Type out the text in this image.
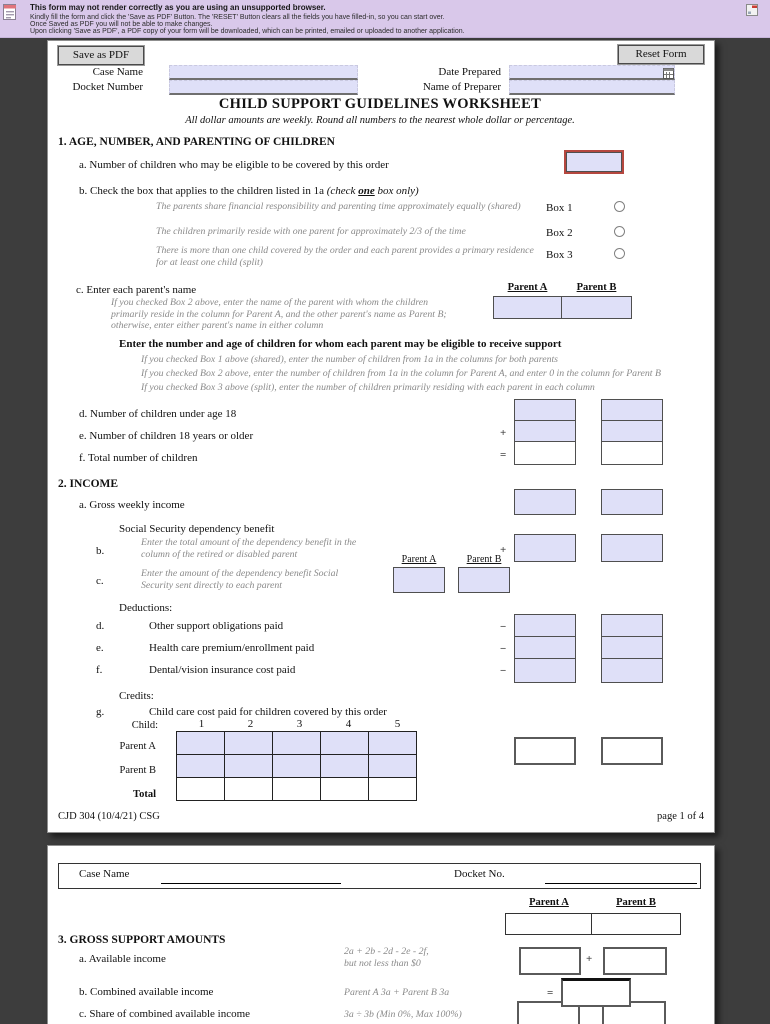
This form may not render correctly as you are using an unsupported browser.
Kindly fill the form and click the 'Save as PDF' Button. The 'RESET' Button clears all the fields you have filled-in, so you can start over.
Once Saved as PDF you will not be able to make changes.
Upon clicking 'Save as PDF', a PDF copy of your form will be downloaded, which can be printed, emailed or uploaded to another application.
Save as PDF	Reset Form
Case Name	Date Prepared
Docket Number	Name of Preparer
CHILD SUPPORT GUIDELINES WORKSHEET
All dollar amounts are weekly. Round all numbers to the nearest whole dollar or percentage.
1. AGE, NUMBER, AND PARENTING OF CHILDREN
a. Number of children who may be eligible to be covered by this order
b. Check the box that applies to the children listed in 1a (check one box only)
The parents share financial responsibility and parenting time approximately equally (shared) Box 1
The children primarily reside with one parent for approximately 2/3 of the time	Box 2
There is more than one child covered by the order and each parent provides a primary residence for at least one child (split)
Box 3
c. Enter each parent's name	Parent A	Parent B
If you checked Box 2 above, enter the name of the parent with whom the children primarily reside in the column for Parent A, and the other parent's name as Parent B; otherwise, enter either parent's name in either column
Enter the number and age of children for whom each parent may be eligible to receive support
If you checked Box 1 above (shared), enter the number of children from 1a in the columns for both parents
If you checked Box 2 above, enter the number of children from 1a in the column for Parent A, and enter 0 in the column for Parent B
If you checked Box 3 above (split), enter the number of children primarily residing with each parent in each column
d. Number of children under age 18
e. Number of children 18 years or older
f. Total number of children
+
=
2. INCOME
a. Gross weekly income
Social Security dependency benefit
b.
Enter the total amount of the dependency benefit in the column of the retired or disabled parent	+
Parent A	Parent B
c.
Enter the amount of the dependency benefit Social Security sent directly to each parent
Deductions:
d.	Other support obligations paid
e.	Health care premium/enrollment paid
f.	Dental/vision insurance cost paid
−
−
−
Credits:
g.	Child care cost paid for children covered by this order
Child:	1	2	3	4	5
Parent A
Parent B
Total
CJD 304 (10/4/21) CSG	page 1 of 4
Case Name	Docket No.
Parent A	Parent B
3. GROSS SUPPORT AMOUNTS
a. Available income
2a + 2b - 2d - 2e - 2f,
but not less than $0	+
b. Combined available income	Parent A 3a + Parent B 3a	=
c. Share of combined available income	3a ÷ 3b (Min 0%, Max 100%)
